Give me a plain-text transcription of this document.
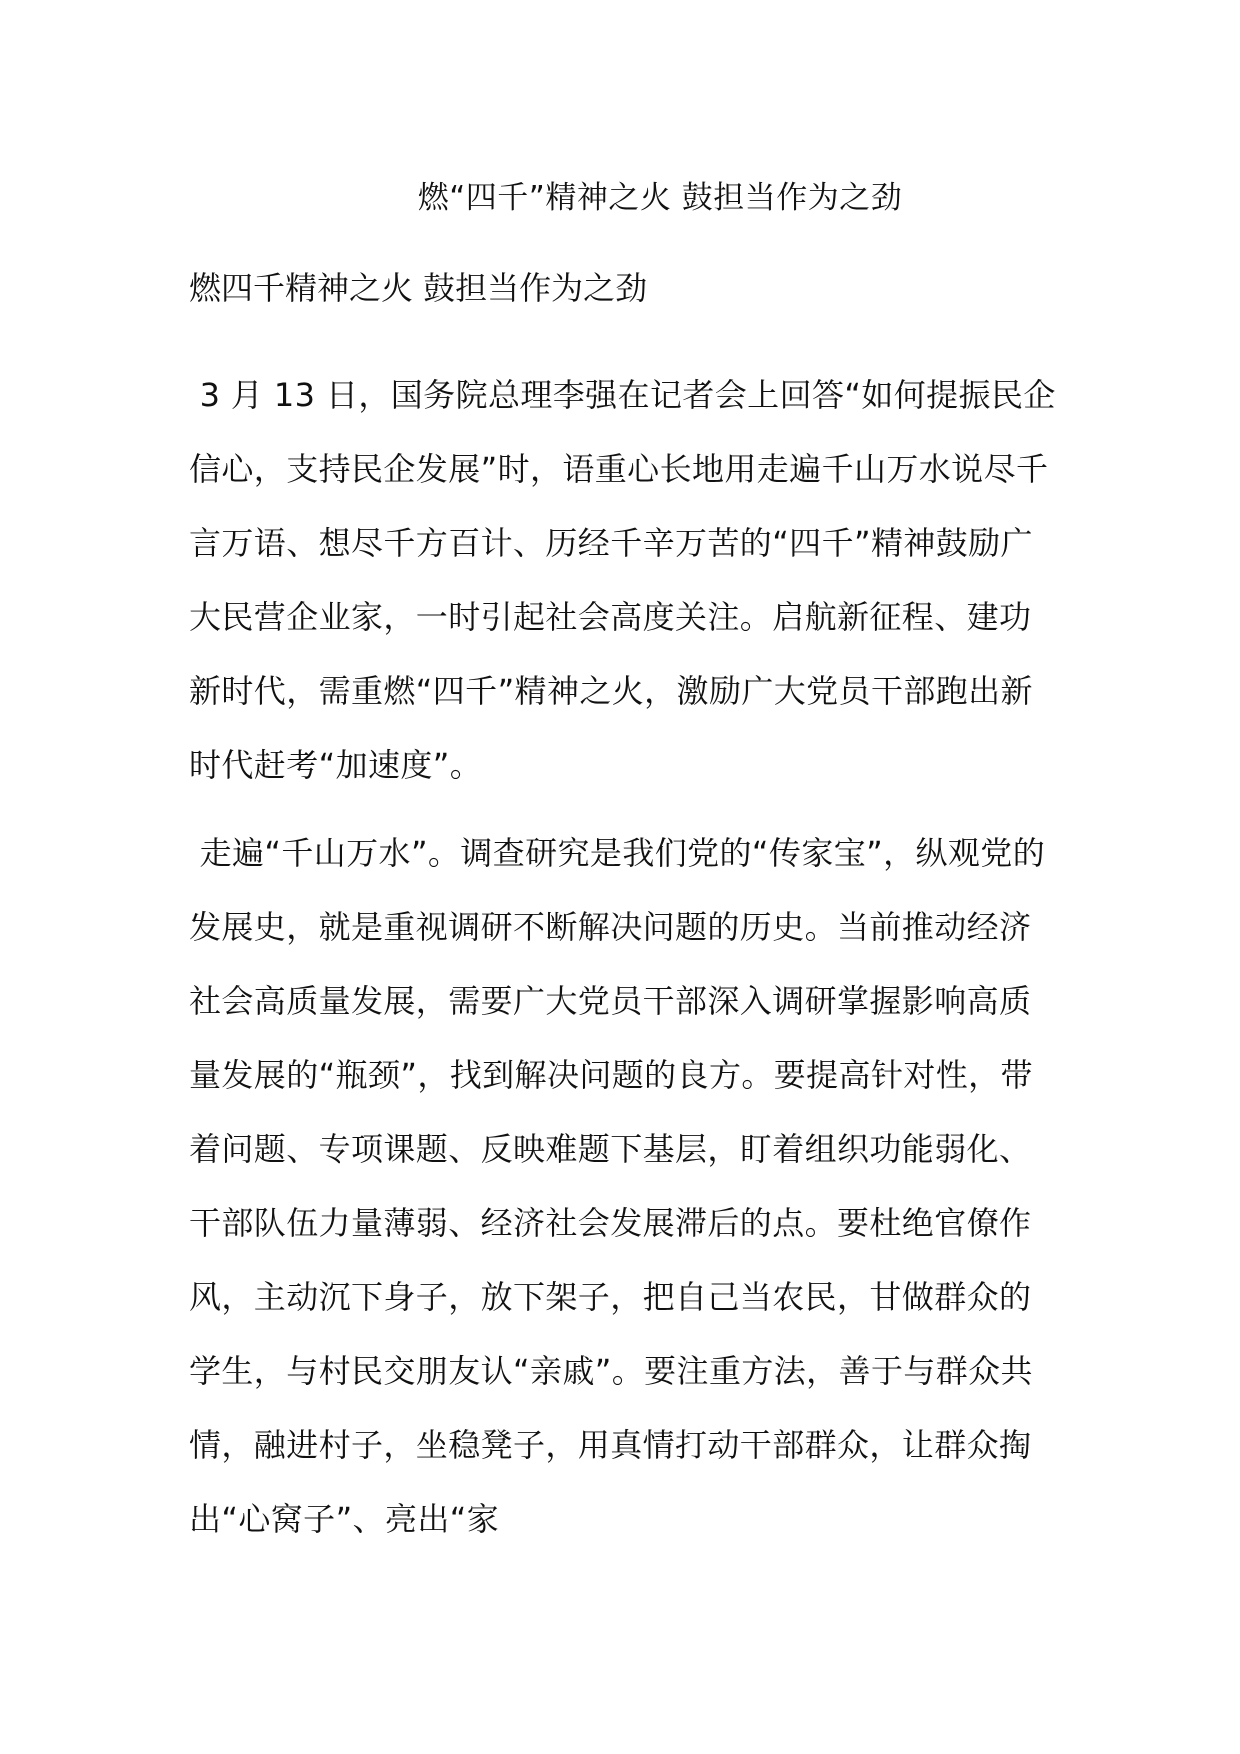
燃“四千”精神之火 鼓担当作为之劲
燃四千精神之火 鼓担当作为之劲

3 月 13 日，国务院总理李强在记者会上回答“如何提振民企信心，支持民企发展”时，语重心长地用走遍千山万水说尽千言万语、想尽千方百计、历经千辛万苦的“四千”精神鼓励广大民营企业家，一时引起社会高度关注。启航新征程、建功新时代，需重燃“四千”精神之火，激励广大党员干部跑出新时代赶考“加速度”。

走遍“千山万水”。调查研究是我们党的“传家宝”，纵观党的发展史，就是重视调研不断解决问题的历史。当前推动经济社会高质量发展，需要广大党员干部深入调研掌握影响高质量发展的“瓶颈”，找到解决问题的良方。要提高针对性，带着问题、专项课题、反映难题下基层，盯着组织功能弱化、干部队伍力量薄弱、经济社会发展滞后的点。要杜绝官僚作风，主动沉下身子，放下架子，把自己当农民，甘做群众的学生，与村民交朋友认“亲戚”。要注重方法，善于与群众共情，融进村子，坐稳凳子，用真情打动干部群众，让群众掏出“心窝子”、亮出“家
